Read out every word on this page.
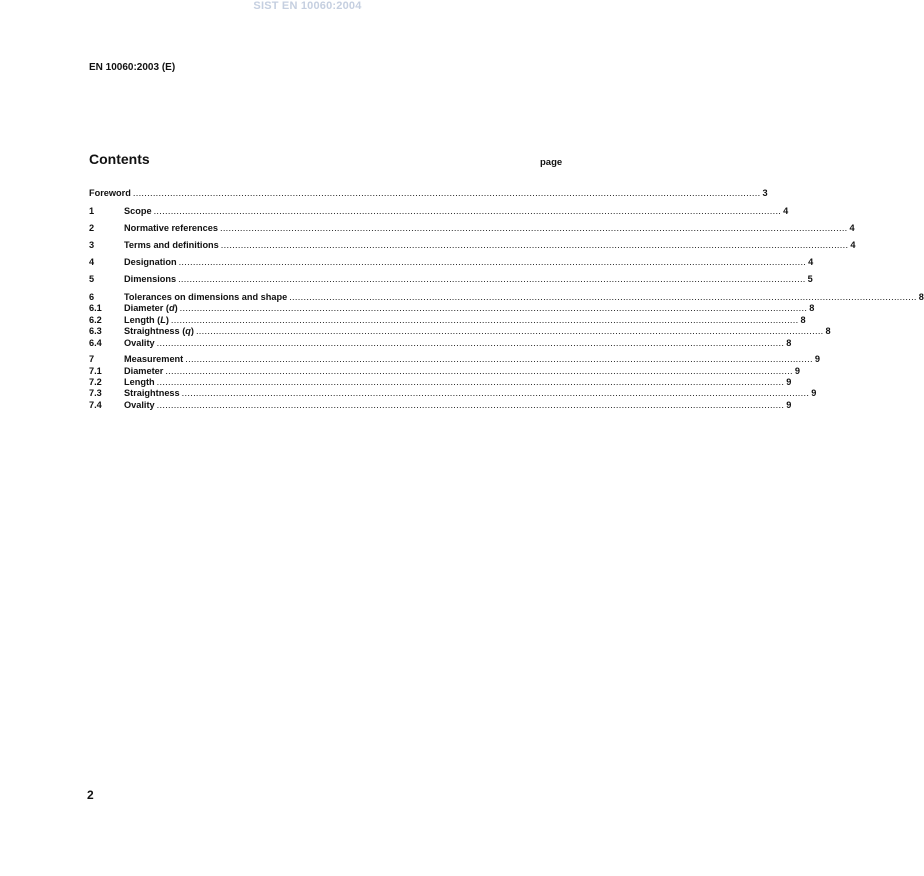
SIST EN 10060:2004
EN 10060:2003 (E)
Contents	page
Foreword ............................................................................................................................................................................................................................ 3
1	Scope ............................................................................................................................................................................................................................ 4
2	Normative references ............................................................................................................................................................................................................................ 4
3	Terms and definitions ............................................................................................................................................................................................................................ 4
4	Designation ............................................................................................................................................................................................................................ 4
5	Dimensions ............................................................................................................................................................................................................................ 5
6	Tolerances on dimensions and shape ............................................................................................................................................................................................................................ 8
6.1 Diameter (d) ............................................................................................................................................................................................................................ 8
6.2 Length (L) ............................................................................................................................................................................................................................ 8
6.3 Straightness (q) ............................................................................................................................................................................................................................ 8
6.4 Ovality ............................................................................................................................................................................................................................ 8
7	Measurement ............................................................................................................................................................................................................................ 9
7.1 Diameter ............................................................................................................................................................................................................................ 9
7.2 Length ............................................................................................................................................................................................................................ 9
7.3 Straightness ............................................................................................................................................................................................................................ 9
7.4 Ovality ............................................................................................................................................................................................................................ 9
2
